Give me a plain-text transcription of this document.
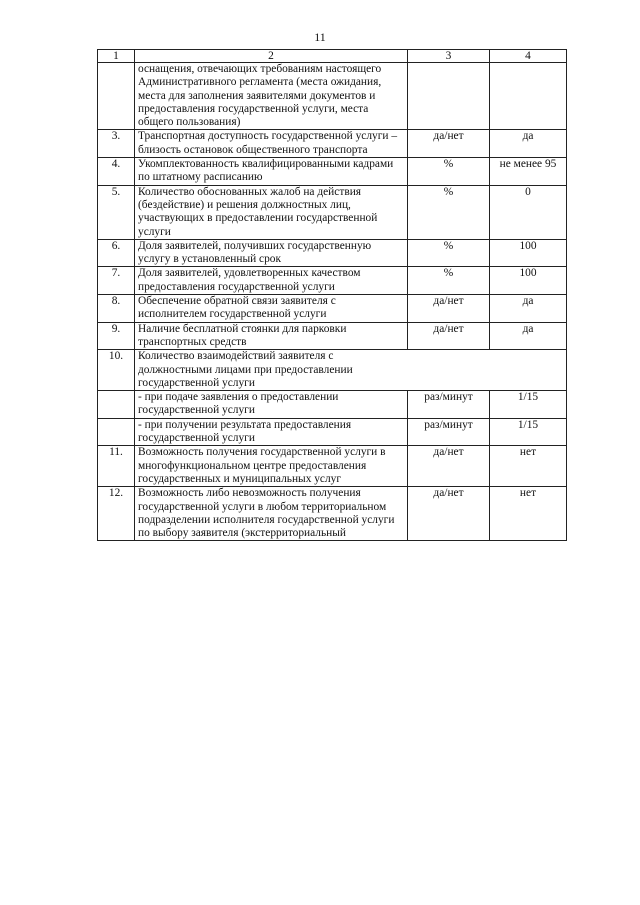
11
1	2	3	4
	оснащения, отвечающих требованиям настоящего Административного регламента (места ожидания, места для заполнения заявителями документов и предоставления государственной услуги, места общего пользования)		
3.	Транспортная доступность государственной услуги – близость остановок общественного транспорта	да/нет	да
4.	Укомплектованность квалифицированными кадрами по штатному расписанию	%	не менее 95
5.	Количество обоснованных жалоб на действия (бездействие) и решения должностных лиц, участвующих в предоставлении государственной услуги	%	0
6.	Доля заявителей, получивших государственную услугу в установленный срок	%	100
7.	Доля заявителей, удовлетворенных качеством предоставления государственной услуги	%	100
8.	Обеспечение обратной связи заявителя с исполнителем государственной услуги	да/нет	да
9.	Наличие бесплатной стоянки для парковки транспортных средств	да/нет	да
10.	Количество взаимодействий заявителя с должностными лицами при предоставлении государственной услуги		
	- при подаче заявления о предоставлении государственной услуги	раз/минут	1/15
	- при получении результата предоставления государственной услуги	раз/минут	1/15
11.	Возможность получения государственной услуги в многофункциональном центре предоставления государственных и муниципальных услуг	да/нет	нет
12.	Возможность либо невозможность получения государственной услуги в любом территориальном подразделении исполнителя государственной услуги по выбору заявителя (экстерриториальный	да/нет	нет
